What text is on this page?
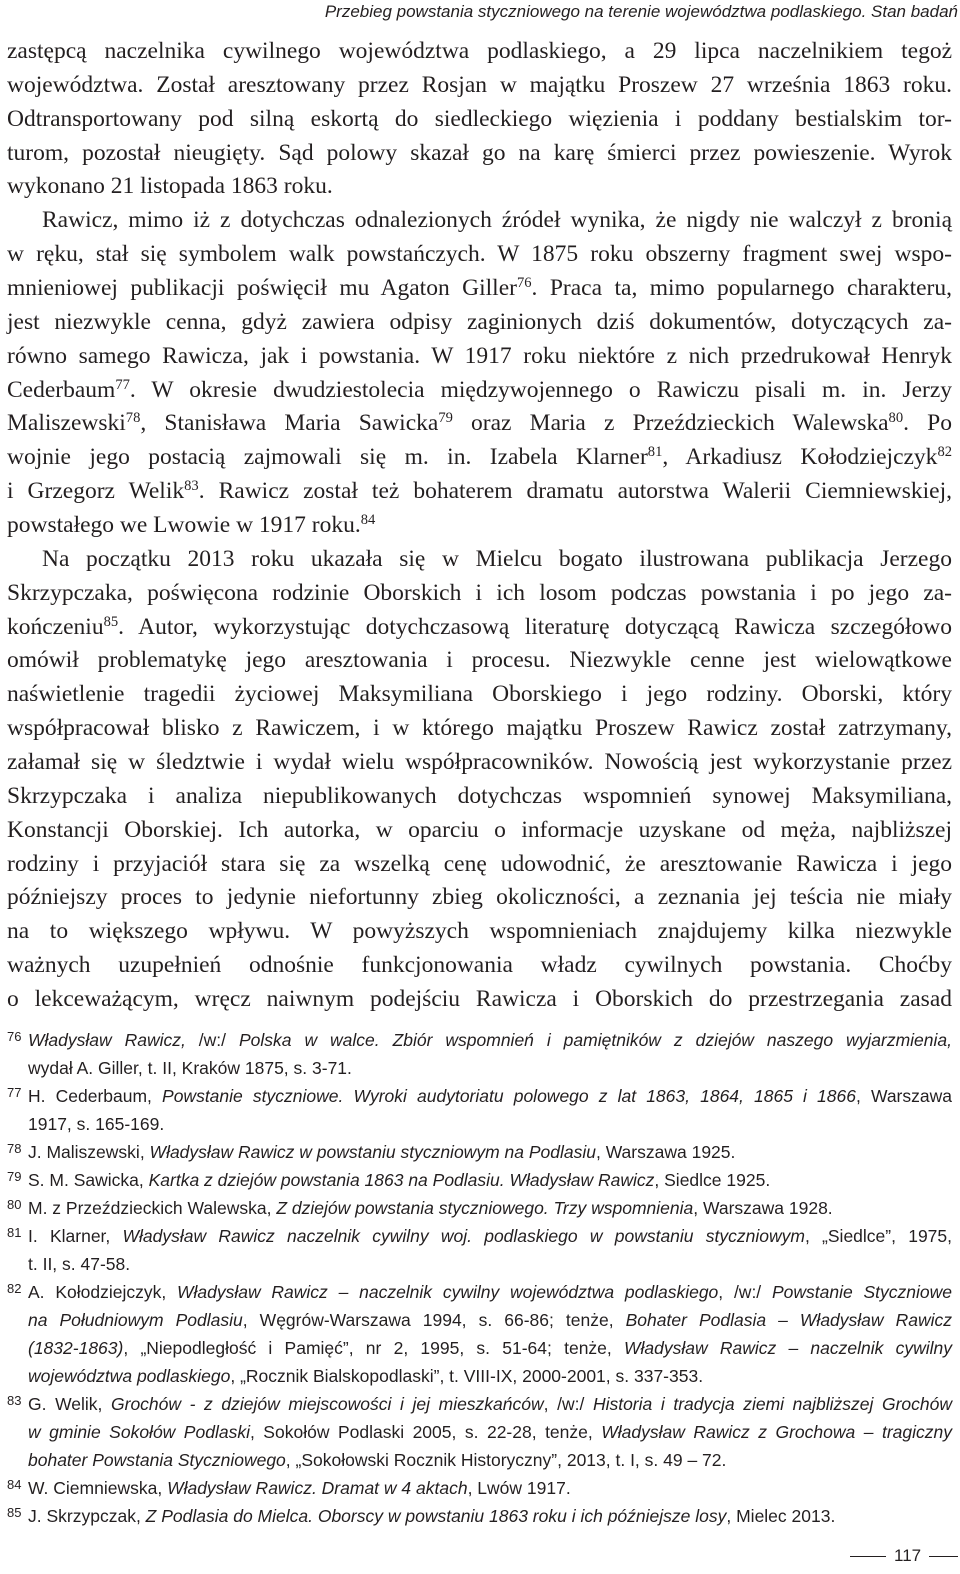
Przebieg powstania styczniowego na terenie województwa podlaskiego. Stan badań
zastępcą naczelnika cywilnego województwa podlaskiego, a 29 lipca naczelnikiem tegoż
województwa. Został aresztowany przez Rosjan w majątku Proszew 27 września 1863 roku.
Odtransportowany pod silną eskortą do siedleckiego więzienia i poddany bestialskim tor-
turom, pozostał nieugięty. Sąd polowy skazał go na karę śmierci przez powieszenie. Wyrok
wykonano 21 listopada 1863 roku.
Rawicz, mimo iż z dotychczas odnalezionych źródeł wynika, że nigdy nie walczył z bronią
w ręku, stał się symbolem walk powstańczych. W 1875 roku obszerny fragment swej wspo-
mnieniowej publikacji poświęcił mu Agaton Giller$^{76}$. Praca ta, mimo popularnego charakteru,
jest niezwykle cenna, gdyż zawiera odpisy zaginionych dziś dokumentów, dotyczących za-
równo samego Rawicza, jak i powstania. W 1917 roku niektóre z nich przedrukował Henryk
Cederbaum$^{77}$. W okresie dwudziestolecia międzywojennego o Rawiczu pisali m. in. Jerzy
Maliszewski$^{78}$, Stanisława Maria Sawicka$^{79}$ oraz Maria z Przeździeckich Walewska$^{80}$. Po
wojnie jego postacią zajmowali się m. in. Izabela Klarner$^{81}$, Arkadiusz Kołodziejczyk$^{82}$
i Grzegorz Welik$^{83}$. Rawicz został też bohaterem dramatu autorstwa Walerii Ciemniewskiej,
powstałego we Lwowie w 1917 roku.$^{84}$
Na początku 2013 roku ukazała się w Mielcu bogato ilustrowana publikacja Jerzego
Skrzypczaka, poświęcona rodzinie Oborskich i ich losom podczas powstania i po jego za-
kończeniu$^{85}$. Autor, wykorzystując dotychczasową literaturę dotyczącą Rawicza szczegółowo
omówił problematykę jego aresztowania i procesu. Niezwykle cenne jest wielowątkowe
naświetlenie tragedii życiowej Maksymiliana Oborskiego i jego rodziny. Oborski, który
współpracował blisko z Rawiczem, i w którego majątku Proszew Rawicz został zatrzymany,
załamał się w śledztwie i wydał wielu współpracowników. Nowością jest wykorzystanie przez
Skrzypczaka i analiza niepublikowanych dotychczas wspomnień synowej Maksymiliana,
Konstancji Oborskiej. Ich autorka, w oparciu o informacje uzyskane od męża, najbliższej
rodziny i przyjaciół stara się za wszelką cenę udowodnić, że aresztowanie Rawicza i jego
późniejszy proces to jedynie niefortunny zbieg okoliczności, a zeznania jej teścia nie miały
na to większego wpływu. W powyższych wspomnieniach znajdujemy kilka niezwykle
ważnych uzupełnień odnośnie funkcjonowania władz cywilnych powstania. Choćby
o lekceważącym, wręcz naiwnym podejściu Rawicza i Oborskich do przestrzegania zasad
76 Władysław Rawicz, /w:/ Polska w walce. Zbiór wspomnień i pamiętników z dziejów naszego wyjarzmienia,
wydał A. Giller, t. II, Kraków 1875, s. 3-71.
77 H. Cederbaum, Powstanie styczniowe. Wyroki audytoriatu polowego z lat 1863, 1864, 1865 i 1866, Warszawa
1917, s. 165-169.
78 J. Maliszewski, Władysław Rawicz w powstaniu styczniowym na Podlasiu, Warszawa 1925.
79 S. M. Sawicka, Kartka z dziejów powstania 1863 na Podlasiu. Władysław Rawicz, Siedlce 1925.
80 M. z Przeździeckich Walewska, Z dziejów powstania styczniowego. Trzy wspomnienia, Warszawa 1928.
81 I. Klarner, Władysław Rawicz naczelnik cywilny woj. podlaskiego w powstaniu styczniowym, „Siedlce”, 1975,
t. II, s. 47-58.
82 A. Kołodziejczyk, Władysław Rawicz – naczelnik cywilny województwa podlaskiego, /w:/ Powstanie Styczniowe
na Południowym Podlasiu, Węgrów-Warszawa 1994, s. 66-86; tenże, Bohater Podlasia – Władysław Rawicz
(1832-1863), „Niepodległość i Pamięć”, nr 2, 1995, s. 51-64; tenże, Władysław Rawicz – naczelnik cywilny
województwa podlaskiego, „Rocznik Bialskopodlaski”, t. VIII-IX, 2000-2001, s. 337-353.
83 G. Welik, Grochów - z dziejów miejscowości i jej mieszkańców, /w:/ Historia i tradycja ziemi najbliższej Grochów
w gminie Sokołów Podlaski, Sokołów Podlaski 2005, s. 22-28, tenże, Władysław Rawicz z Grochowa – tragiczny
bohater Powstania Styczniowego, „Sokołowski Rocznik Historyczny”, 2013, t. I, s. 49 – 72.
84 W. Ciemniewska, Władysław Rawicz. Dramat w 4 aktach, Lwów 1917.
85 J. Skrzypczak, Z Podlasia do Mielca. Oborscy w powstaniu 1863 roku i ich późniejsze losy, Mielec 2013.
117
